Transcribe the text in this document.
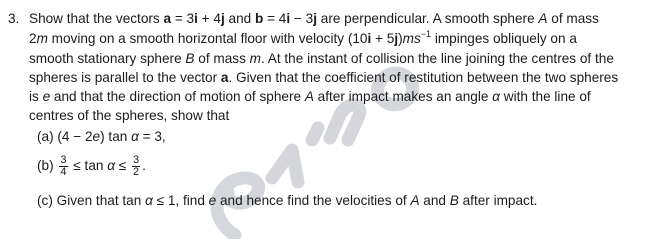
3. Show that the vectors a = 3i + 4j and b = 4i − 3j are perpendicular. A smooth sphere A of mass
2m moving on a smooth horizontal floor with velocity $(10i + 5j)ms^{-1}$ impinges obliquely on a
smooth stationary sphere B of mass m. At the instant of collision the line joining the centres of the
spheres is parallel to the vector a. Given that the coefficient of restitution between the two spheres
is e and that the direction of motion of sphere A after impact makes an angle α with the line of
centres of the spheres, show that
(a) (4 − 2e) tan α = 3,
$(b) \frac{3}{4} \le \tan \alpha \le \frac{3}{2}$ .
(c) Given that tan α ≤ 1, find e and hence find the velocities of A and B after impact.
